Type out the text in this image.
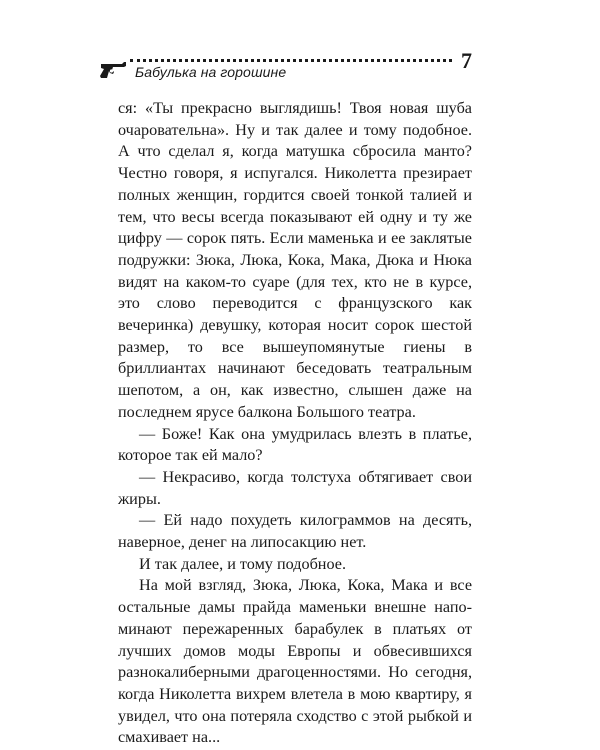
Бабулька на горошине	7

ся: «Ты прекрасно выглядишь! Твоя новая шуба очаровательна». Ну и так далее и тому подобное. А что сделал я, когда матушка сбросила манто? Честно говоря, я испугался. Николетта презирает полных женщин, гордится своей тонкой талией и тем, что весы всегда показывают ей одну и ту же цифру — сорок пять. Если маменька и ее заклятые подружки: Зюка, Люка, Кока, Мака, Дюка и Нюка видят на каком-то суаре (для тех, кто не в курсе, это слово переводится с французского как вечеринка) девушку, которая носит сорок шестой размер, то все вышеупомянутые гиены в бриллиантах начинают беседовать театральным шепотом, а он, как известно, слышен даже на последнем ярусе балкона Большого театра.

— Боже! Как она умудрилась влезть в платье, которое так ей мало?

— Некрасиво, когда толстуха обтягивает свои жиры.

— Ей надо похудеть килограммов на десять, наверное, денег на липосакцию нет.

И так далее, и тому подобное.

На мой взгляд, Зюка, Люка, Кока, Мака и все остальные дамы прайда маменьки внешне напоминают пережаренных барабулек в платьях от лучших домов моды Европы и обвесившихся разнокалиберными драгоценностями. Но сегодня, когда Николетта вихрем влетела в мою квартиру, я увидел, что она потеряла сходство с этой рыбкой и смахивает на...
